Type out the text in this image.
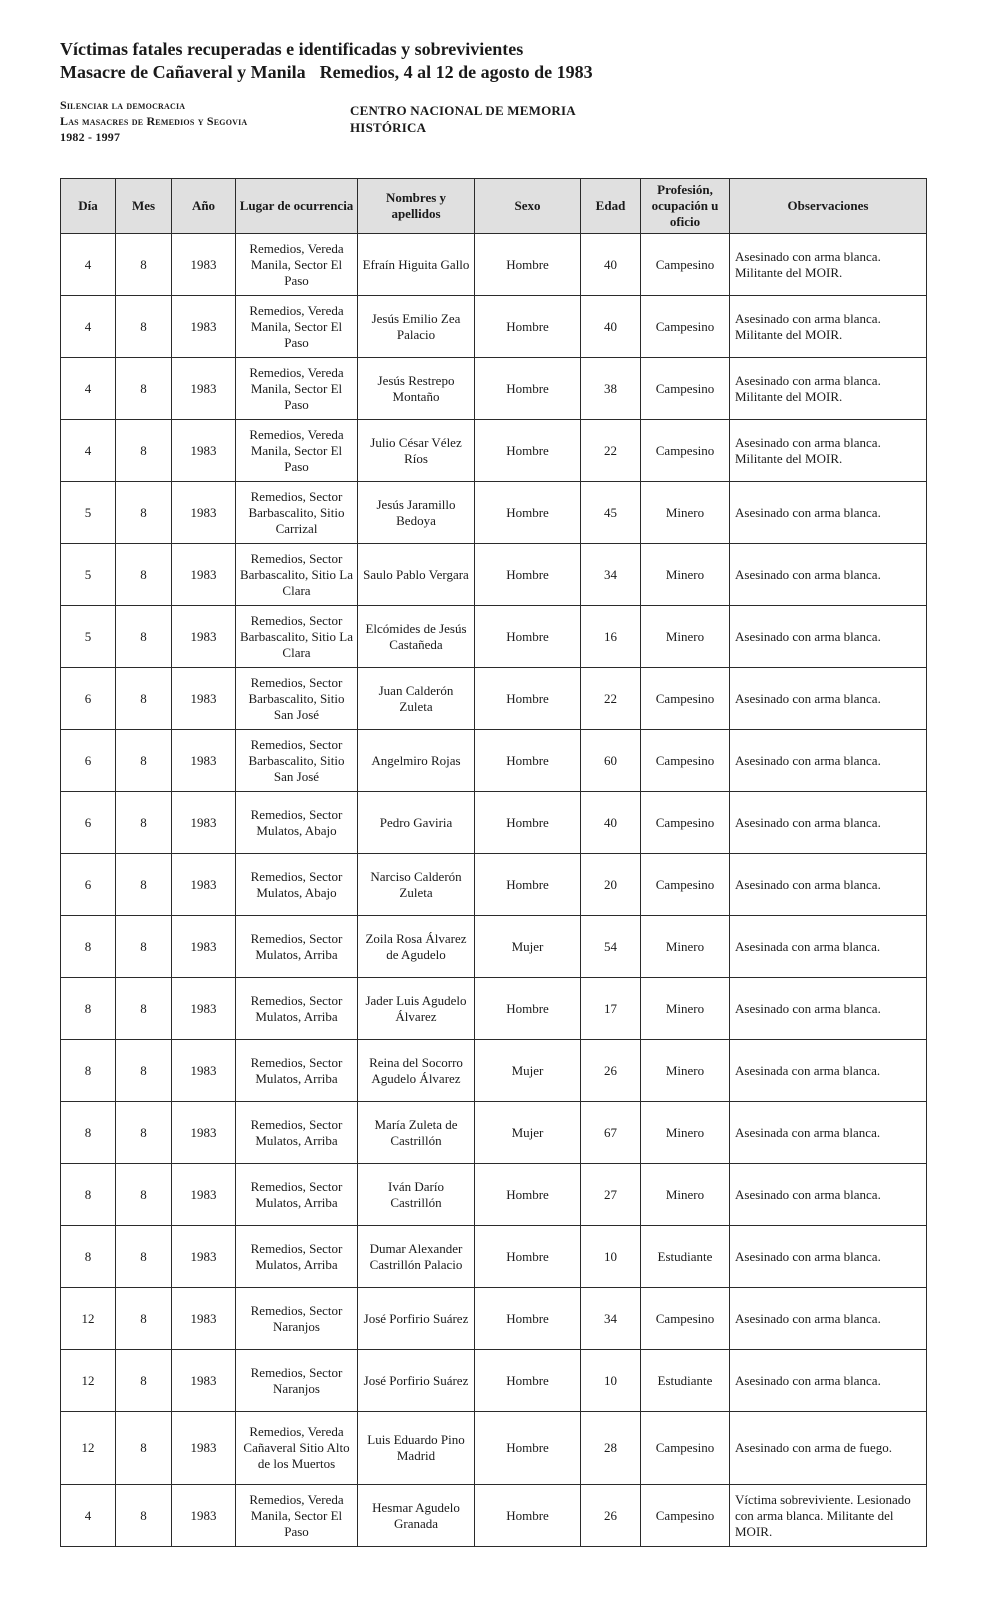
Víctimas fatales recuperadas e identificadas y sobrevivientes
Masacre de Cañaveral y Manila Remedios, 4 al 12 de agosto de 1983
Silenciar la democracia
Las masacres de Remedios y Segovia
1982 - 1997
CENTRO NACIONAL DE MEMORIA
HISTÓRICA
Día	Mes	Año	Lugar de ocurrencia	Nombres y apellidos	Sexo	Edad	Profesión, ocupación u oficio	Observaciones
4	8	1983	Remedios, Vereda Manila, Sector El Paso	Efraín Higuita Gallo	Hombre	40	Campesino	Asesinado con arma blanca. Militante del MOIR.
4	8	1983	Remedios, Vereda Manila, Sector El Paso	Jesús Emilio Zea Palacio	Hombre	40	Campesino	Asesinado con arma blanca. Militante del MOIR.
4	8	1983	Remedios, Vereda Manila, Sector El Paso	Jesús Restrepo Montaño	Hombre	38	Campesino	Asesinado con arma blanca. Militante del MOIR.
4	8	1983	Remedios, Vereda Manila, Sector El Paso	Julio César Vélez Ríos	Hombre	22	Campesino	Asesinado con arma blanca. Militante del MOIR.
5	8	1983	Remedios, Sector Barbascalito, Sitio Carrizal	Jesús Jaramillo Bedoya	Hombre	45	Minero	Asesinado con arma blanca.
5	8	1983	Remedios, Sector Barbascalito, Sitio La Clara	Saulo Pablo Vergara	Hombre	34	Minero	Asesinado con arma blanca.
5	8	1983	Remedios, Sector Barbascalito, Sitio La Clara	Elcómides de Jesús Castañeda	Hombre	16	Minero	Asesinado con arma blanca.
6	8	1983	Remedios, Sector Barbascalito, Sitio San José	Juan Calderón Zuleta	Hombre	22	Campesino	Asesinado con arma blanca.
6	8	1983	Remedios, Sector Barbascalito, Sitio San José	Angelmiro Rojas	Hombre	60	Campesino	Asesinado con arma blanca.
6	8	1983	Remedios, Sector Mulatos, Abajo	Pedro Gaviria	Hombre	40	Campesino	Asesinado con arma blanca.
6	8	1983	Remedios, Sector Mulatos, Abajo	Narciso Calderón Zuleta	Hombre	20	Campesino	Asesinado con arma blanca.
8	8	1983	Remedios, Sector Mulatos, Arriba	Zoila Rosa Álvarez de Agudelo	Mujer	54	Minero	Asesinada con arma blanca.
8	8	1983	Remedios, Sector Mulatos, Arriba	Jader Luis Agudelo Álvarez	Hombre	17	Minero	Asesinado con arma blanca.
8	8	1983	Remedios, Sector Mulatos, Arriba	Reina del Socorro Agudelo Álvarez	Mujer	26	Minero	Asesinada con arma blanca.
8	8	1983	Remedios, Sector Mulatos, Arriba	María Zuleta de Castrillón	Mujer	67	Minero	Asesinada con arma blanca.
8	8	1983	Remedios, Sector Mulatos, Arriba	Iván Darío Castrillón	Hombre	27	Minero	Asesinado con arma blanca.
8	8	1983	Remedios, Sector Mulatos, Arriba	Dumar Alexander Castrillón Palacio	Hombre	10	Estudiante	Asesinado con arma blanca.
12	8	1983	Remedios, Sector Naranjos	José Porfirio Suárez	Hombre	34	Campesino	Asesinado con arma blanca.
12	8	1983	Remedios, Sector Naranjos	José Porfirio Suárez	Hombre	10	Estudiante	Asesinado con arma blanca.
12	8	1983	Remedios, Vereda Cañaveral Sitio Alto de los Muertos	Luis Eduardo Pino Madrid	Hombre	28	Campesino	Asesinado con arma de fuego.
4	8	1983	Remedios, Vereda Manila, Sector El Paso	Hesmar Agudelo Granada	Hombre	26	Campesino	Víctima sobreviviente. Lesionado con arma blanca. Militante del MOIR.
